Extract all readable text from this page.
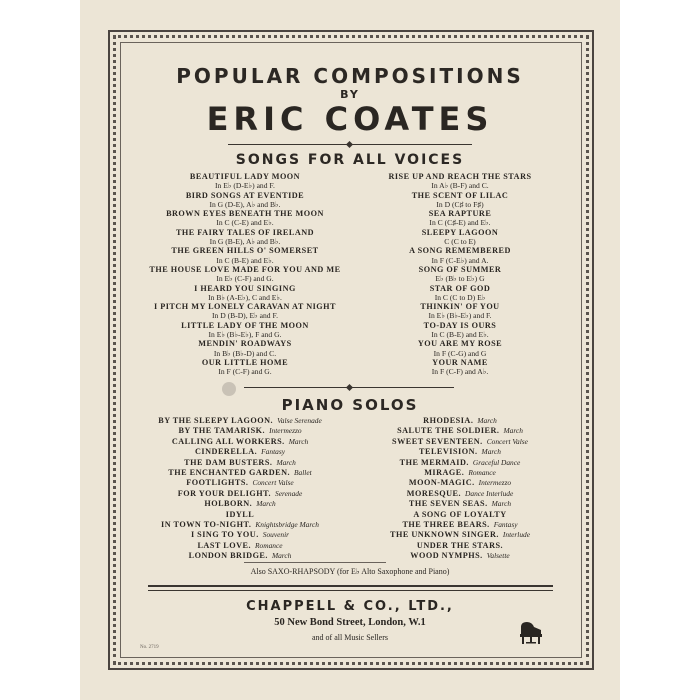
POPULAR COMPOSITIONS
BY
ERIC COATES
SONGS FOR ALL VOICES
BEAUTIFUL LADY MOON
In E♭ (D-E♭) and F.
BIRD SONGS AT EVENTIDE
In G (D-E), A♭ and B♭.
BROWN EYES BENEATH THE MOON
In C (C-E) and E♭.
THE FAIRY TALES OF IRELAND
In G (B-E), A♭ and B♭.
THE GREEN HILLS O' SOMERSET
In C (B-E) and E♭.
THE HOUSE LOVE MADE FOR YOU AND ME
In E♭ (C-F) and G.
I HEARD YOU SINGING
In B♭ (A-E♭), C and E♭.
I PITCH MY LONELY CARAVAN AT NIGHT
In D (B-D), E♭ and F.
LITTLE LADY OF THE MOON
In E♭ (B♭-E♭), F and G.
MENDIN' ROADWAYS
In B♭ (B♭-D) and C.
OUR LITTLE HOME
In F (C-F) and G.
RISE UP AND REACH THE STARS
In A♭ (B-F) and C.
THE SCENT OF LILAC
In D (C♯ to F♯)
SEA RAPTURE
In C (C♯-E) and E♭.
SLEEPY LAGOON
C (C to E)
A SONG REMEMBERED
In F (C-E♭) and A.
SONG OF SUMMER
E♭ (B♭ to E♭) G
STAR OF GOD
In C (C to D) E♭
THINKIN' OF YOU
In E♭ (B♭-E♭) and F.
TO-DAY IS OURS
In C (B-E) and E♭.
YOU ARE MY ROSE
In F (C-G) and G
YOUR NAME
In F (C-F) and A♭.
PIANO SOLOS
BY THE SLEEPY LAGOON. Valse Serenade
BY THE TAMARISK. Intermezzo
CALLING ALL WORKERS. March
CINDERELLA. Fantasy
THE DAM BUSTERS. March
THE ENCHANTED GARDEN. Ballet
FOOTLIGHTS. Concert Valse
FOR YOUR DELIGHT. Serenade
HOLBORN. March
IDYLL
IN TOWN TO-NIGHT. Knightsbridge March
I SING TO YOU. Souvenir
LAST LOVE. Romance
LONDON BRIDGE. March
RHODESIA. March
SALUTE THE SOLDIER. March
SWEET SEVENTEEN. Concert Valse
TELEVISION. March
THE MERMAID. Graceful Dance
MIRAGE. Romance
MOON-MAGIC. Intermezzo
MORESQUE. Dance Interlude
THE SEVEN SEAS. March
A SONG OF LOYALTY
THE THREE BEARS. Fantasy
THE UNKNOWN SINGER. Interlude
UNDER THE STARS.
WOOD NYMPHS. Valsette
Also SAXO-RHAPSODY (for E♭ Alto Saxophone and Piano)
CHAPPELL & CO., LTD.,
50 New Bond Street, London, W.1
and of all Music Sellers
No. 2719
